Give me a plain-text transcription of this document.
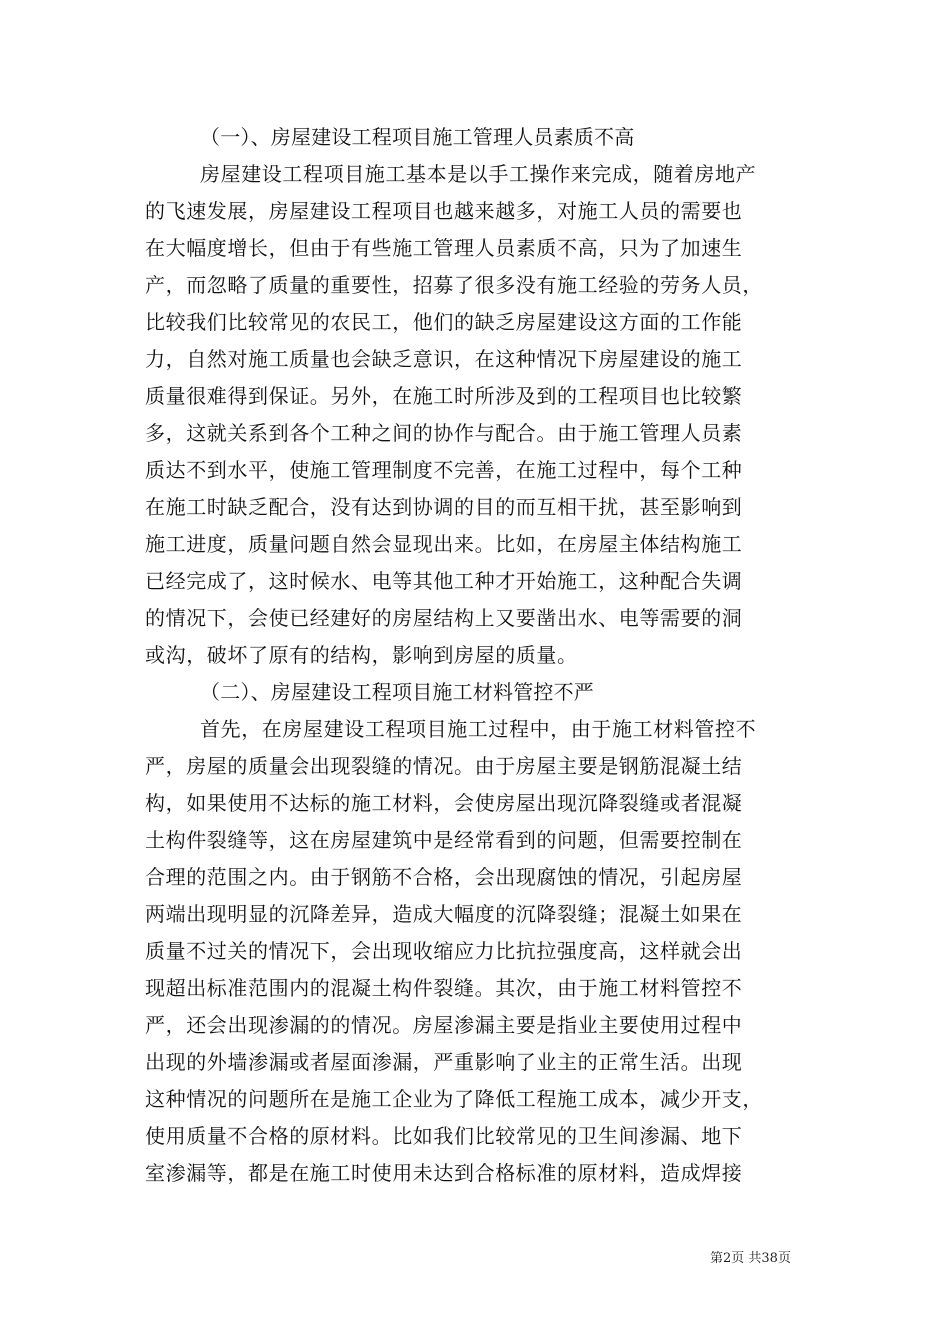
（一）、房屋建设工程项目施工管理人员素质不高
房屋建设工程项目施工基本是以手工操作来完成，随着房地产
的飞速发展，房屋建设工程项目也越来越多，对施工人员的需要也
在大幅度增长，但由于有些施工管理人员素质不高，只为了加速生
产，而忽略了质量的重要性，招募了很多没有施工经验的劳务人员，
比较我们比较常见的农民工，他们的缺乏房屋建设这方面的工作能
力，自然对施工质量也会缺乏意识，在这种情况下房屋建设的施工
质量很难得到保证。另外，在施工时所涉及到的工程项目也比较繁
多，这就关系到各个工种之间的协作与配合。由于施工管理人员素
质达不到水平，使施工管理制度不完善，在施工过程中，每个工种
在施工时缺乏配合，没有达到协调的目的而互相干扰，甚至影响到
施工进度，质量问题自然会显现出来。比如，在房屋主体结构施工
已经完成了，这时候水、电等其他工种才开始施工，这种配合失调
的情况下，会使已经建好的房屋结构上又要凿出水、电等需要的洞
或沟，破坏了原有的结构，影响到房屋的质量。
（二）、房屋建设工程项目施工材料管控不严
首先，在房屋建设工程项目施工过程中，由于施工材料管控不
严，房屋的质量会出现裂缝的情况。由于房屋主要是钢筋混凝土结
构，如果使用不达标的施工材料，会使房屋出现沉降裂缝或者混凝
土构件裂缝等，这在房屋建筑中是经常看到的问题，但需要控制在
合理的范围之内。由于钢筋不合格，会出现腐蚀的情况，引起房屋
两端出现明显的沉降差异，造成大幅度的沉降裂缝；混凝土如果在
质量不过关的情况下，会出现收缩应力比抗拉强度高，这样就会出
现超出标准范围内的混凝土构件裂缝。其次，由于施工材料管控不
严，还会出现渗漏的的情况。房屋渗漏主要是指业主要使用过程中
出现的外墙渗漏或者屋面渗漏，严重影响了业主的正常生活。出现
这种情况的问题所在是施工企业为了降低工程施工成本，减少开支，
使用质量不合格的原材料。比如我们比较常见的卫生间渗漏、地下
室渗漏等，都是在施工时使用未达到合格标准的原材料，造成焊接
第2页 共38页
